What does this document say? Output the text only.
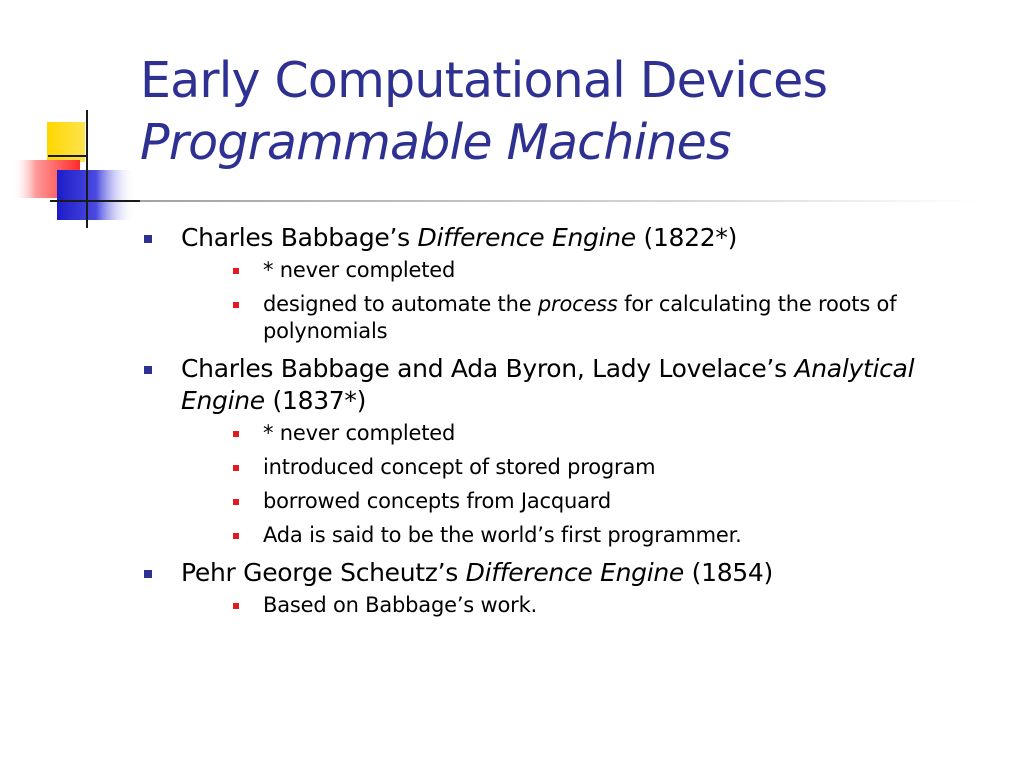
Early Computational Devices
Programmable Machines
Charles Babbage’s Difference Engine (1822*)
* never completed
designed to automate the process for calculating the roots of polynomials
Charles Babbage and Ada Byron, Lady Lovelace’s Analytical Engine (1837*)
* never completed
introduced concept of stored program
borrowed concepts from Jacquard
Ada is said to be the world’s first programmer.
Pehr George Scheutz’s Difference Engine (1854)
Based on Babbage’s work.
